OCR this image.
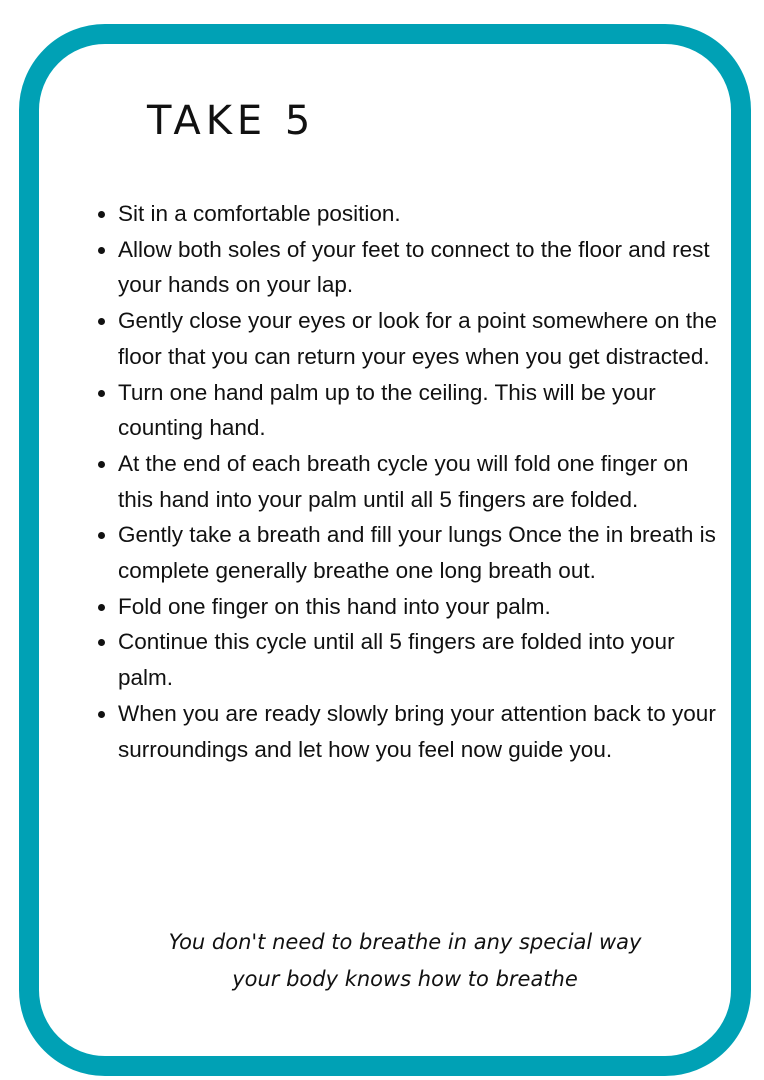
TAKE 5
Sit in a comfortable position.
Allow both soles of your feet to connect to the floor and rest your hands on your lap.
Gently close your eyes or look for a point somewhere on the floor that you can return your eyes when you get distracted.
Turn one hand palm up to the ceiling. This will be your counting hand.
At the end of each breath cycle you will fold one finger on this hand into your palm until all 5 fingers are folded.
Gently take a breath and fill your lungs Once the in breath is complete generally breathe one long breath out.
Fold one finger on this hand into your palm.
Continue this cycle until all 5 fingers are folded into your palm.
When you are ready slowly bring your attention back to your surroundings and let how you feel now guide you.
You don't need to breathe in any special way
your body knows how to breathe
